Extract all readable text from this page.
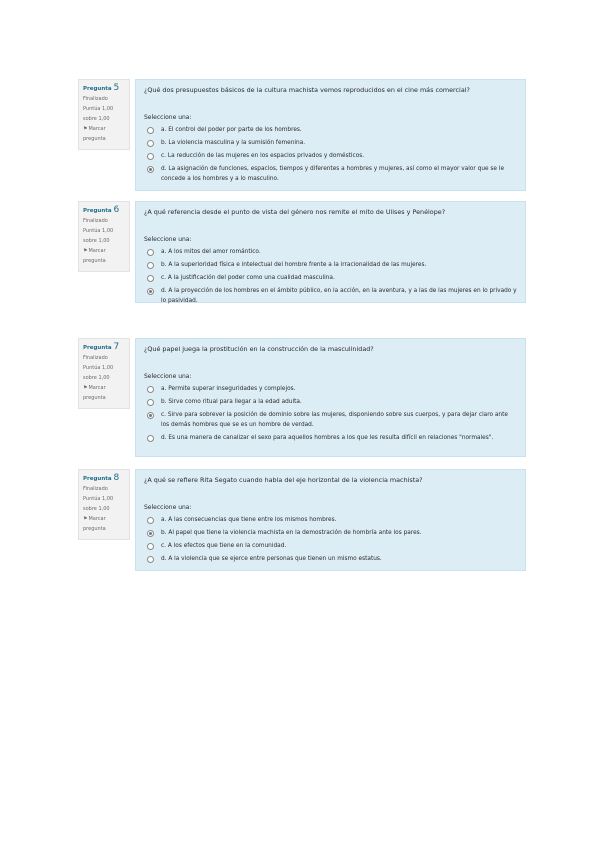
Pregunta 5
Finalizado
Puntúa 1,00
sobre 1,00
⚑Marcar
pregunta
¿Qué dos presupuestos básicos de la cultura machista vemos reproducidos en el cine más comercial?
Seleccione una:
a. El control del poder por parte de los hombres.
b. La violencia masculina y la sumisión femenina.
c. La reducción de las mujeres en los espacios privados y domésticos.
d. La asignación de funciones, espacios, tiempos y diferentes a hombres y mujeres, así como el mayor valor que se le concede a los hombres y a lo masculino.
Pregunta 6
Finalizado
Puntúa 1,00
sobre 1,00
⚑Marcar
pregunta
¿A qué referencia desde el punto de vista del género nos remite el mito de Ulises y Penélope?
Seleccione una:
a. A los mitos del amor romántico.
b. A la superioridad física e intelectual del hombre frente a la irracionalidad de las mujeres.
c. A la justificación del poder como una cualidad masculina.
d. A la proyección de los hombres en el ámbito público, en la acción, en la aventura, y a las de las mujeres en lo privado y lo pasividad.
Pregunta 7
Finalizado
Puntúa 1,00
sobre 1,00
⚑Marcar
pregunta
¿Qué papel juega la prostitución en la construcción de la masculinidad?
Seleccione una:
a. Permite superar inseguridades y complejos.
b. Sirve como ritual para llegar a la edad adulta.
c. Sirve para sobrever la posición de dominio sobre las mujeres, disponiendo sobre sus cuerpos, y para dejar claro ante los demás hombres que se es un hombre de verdad.
d. Es una manera de canalizar el sexo para aquellos hombres a los que les resulta difícil en relaciones "normales".
Pregunta 8
Finalizado
Puntúa 1,00
sobre 1,00
⚑Marcar
pregunta
¿A qué se refiere Rita Segato cuando habla del eje horizontal de la violencia machista?
Seleccione una:
a. A las consecuencias que tiene entre los mismos hombres.
b. Al papel que tiene la violencia machista en la demostración de hombría ante los pares.
c. A los efectos que tiene en la comunidad.
d. A la violencia que se ejerce entre personas que tienen un mismo estatus.
